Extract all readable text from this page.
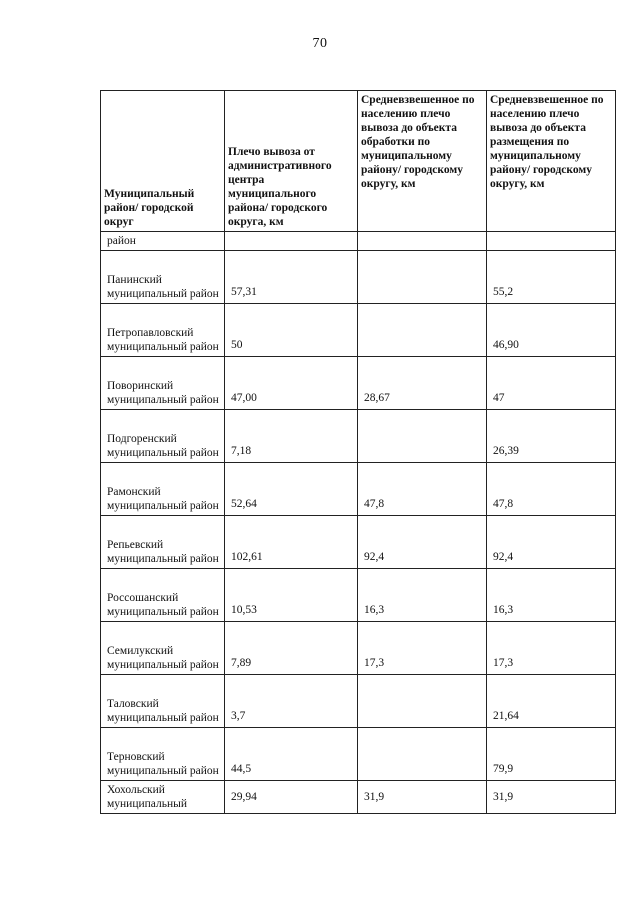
70
Муниципальный район/ городской округ	Плечо вывоза от административного центра муниципального района/ городского округа, км	Средневзвешенное по населению плечо вывоза до объекта обработки по муниципальному району/ городскому округу, км	Средневзвешенное по населению плечо вывоза до объекта размещения по муниципальному району/ городскому округу, км
район			
Панинский муниципальный район	57,31		55,2
Петропавловский муниципальный район	50		46,90
Поворинский муниципальный район	47,00	28,67	47
Подгоренский муниципальный район	7,18		26,39
Рамонский муниципальный район	52,64	47,8	47,8
Репьевский муниципальный район	102,61	92,4	92,4
Россошанский муниципальный район	10,53	16,3	16,3
Семилукский муниципальный район	7,89	17,3	17,3
Таловский муниципальный район	3,7		21,64
Терновский муниципальный район	44,5		79,9
Хохольский муниципальный	29,94	31,9	31,9
